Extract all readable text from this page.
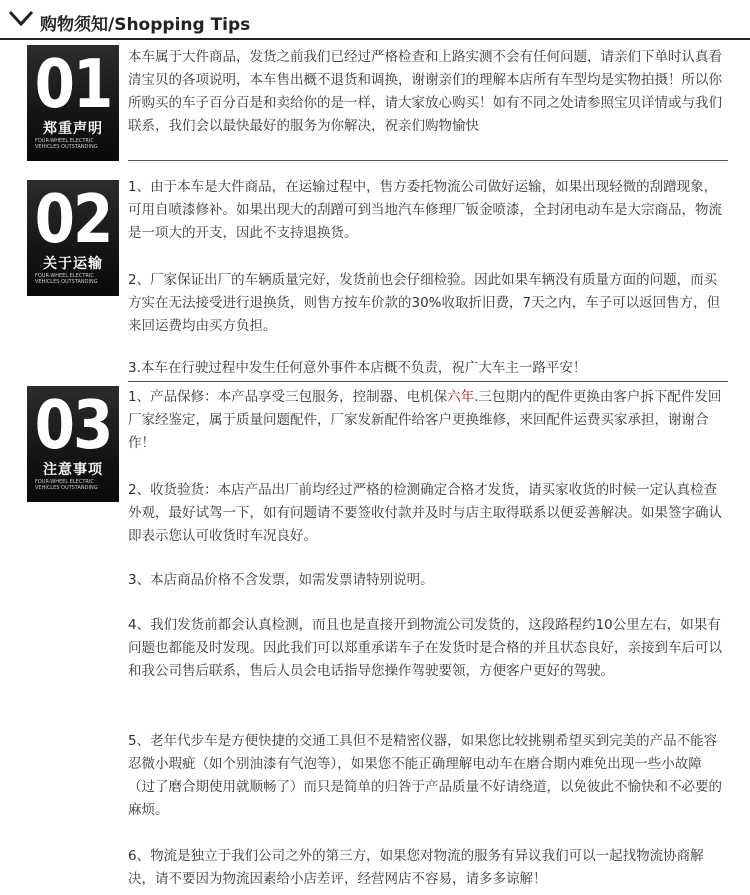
购物须知/Shopping Tips
01
郑重声明
FOUR-WHEEL ELECTRIC VEHICLES OUTSTANDING

本车属于大件商品，发货之前我们已经过严格检查和上路实测不会有任何问题，请亲们下单时认真看清宝贝的各项说明，本车售出概不退货和调换，谢谢亲们的理解本店所有车型均是实物拍摄！所以你所购买的车子百分百是和卖给你的是一样，请大家放心购买！如有不同之处请参照宝贝详情或与我们联系，我们会以最快最好的服务为你解决，祝亲们购物愉快

02
关于运输
FOUR-WHEEL ELECTRIC VEHICLES OUTSTANDING

1、由于本车是大件商品，在运输过程中，售方委托物流公司做好运输，如果出现轻微的刮蹭现象，可用自喷漆修补。如果出现大的刮蹭可到当地汽车修理厂钣金喷漆，全封闭电动车是大宗商品，物流是一项大的开支，因此不支持退换货。

2、厂家保证出厂的车辆质量完好，发货前也会仔细检验。因此如果车辆没有质量方面的问题，而买方实在无法接受进行退换货，则售方按车价款的30%收取折旧费，7天之内，车子可以返回售方，但来回运费均由买方负担。

3.本车在行驶过程中发生任何意外事件本店概不负责，祝广大车主一路平安！

03
注意事项
FOUR-WHEEL ELECTRIC VEHICLES OUTSTANDING

1、产品保修：本产品享受三包服务，控制器、电机保六年.三包期内的配件更换由客户拆下配件发回厂家经鉴定，属于质量问题配件，厂家发新配件给客户更换维修，来回配件运费买家承担，谢谢合作！

2、收货验货：本店产品出厂前均经过严格的检测确定合格才发货，请买家收货的时候一定认真检查外观，最好试驾一下，如有问题请不要签收付款并及时与店主取得联系以便妥善解决。如果签字确认即表示您认可收货时车况良好。

3、本店商品价格不含发票，如需发票请特别说明。

4、我们发货前都会认真检测，而且也是直接开到物流公司发货的，这段路程约10公里左右，如果有问题也都能及时发现。因此我们可以郑重承诺车子在发货时是合格的并且状态良好，亲接到车后可以和我公司售后联系，售后人员会电话指导您操作驾驶要领，方便客户更好的驾驶。

5、老年代步车是方便快捷的交通工具但不是精密仪器，如果您比较挑剔希望买到完美的产品不能容忍微小瑕疵（如个别油漆有气泡等），如果您不能正确理解电动车在磨合期内难免出现一些小故障（过了磨合期使用就顺畅了）而只是简单的归咎于产品质量不好请绕道，以免彼此不愉快和不必要的麻烦。

6、物流是独立于我们公司之外的第三方，如果您对物流的服务有异议我们可以一起找物流协商解决，请不要因为物流因素给小店差评，经营网店不容易，请多多谅解！
